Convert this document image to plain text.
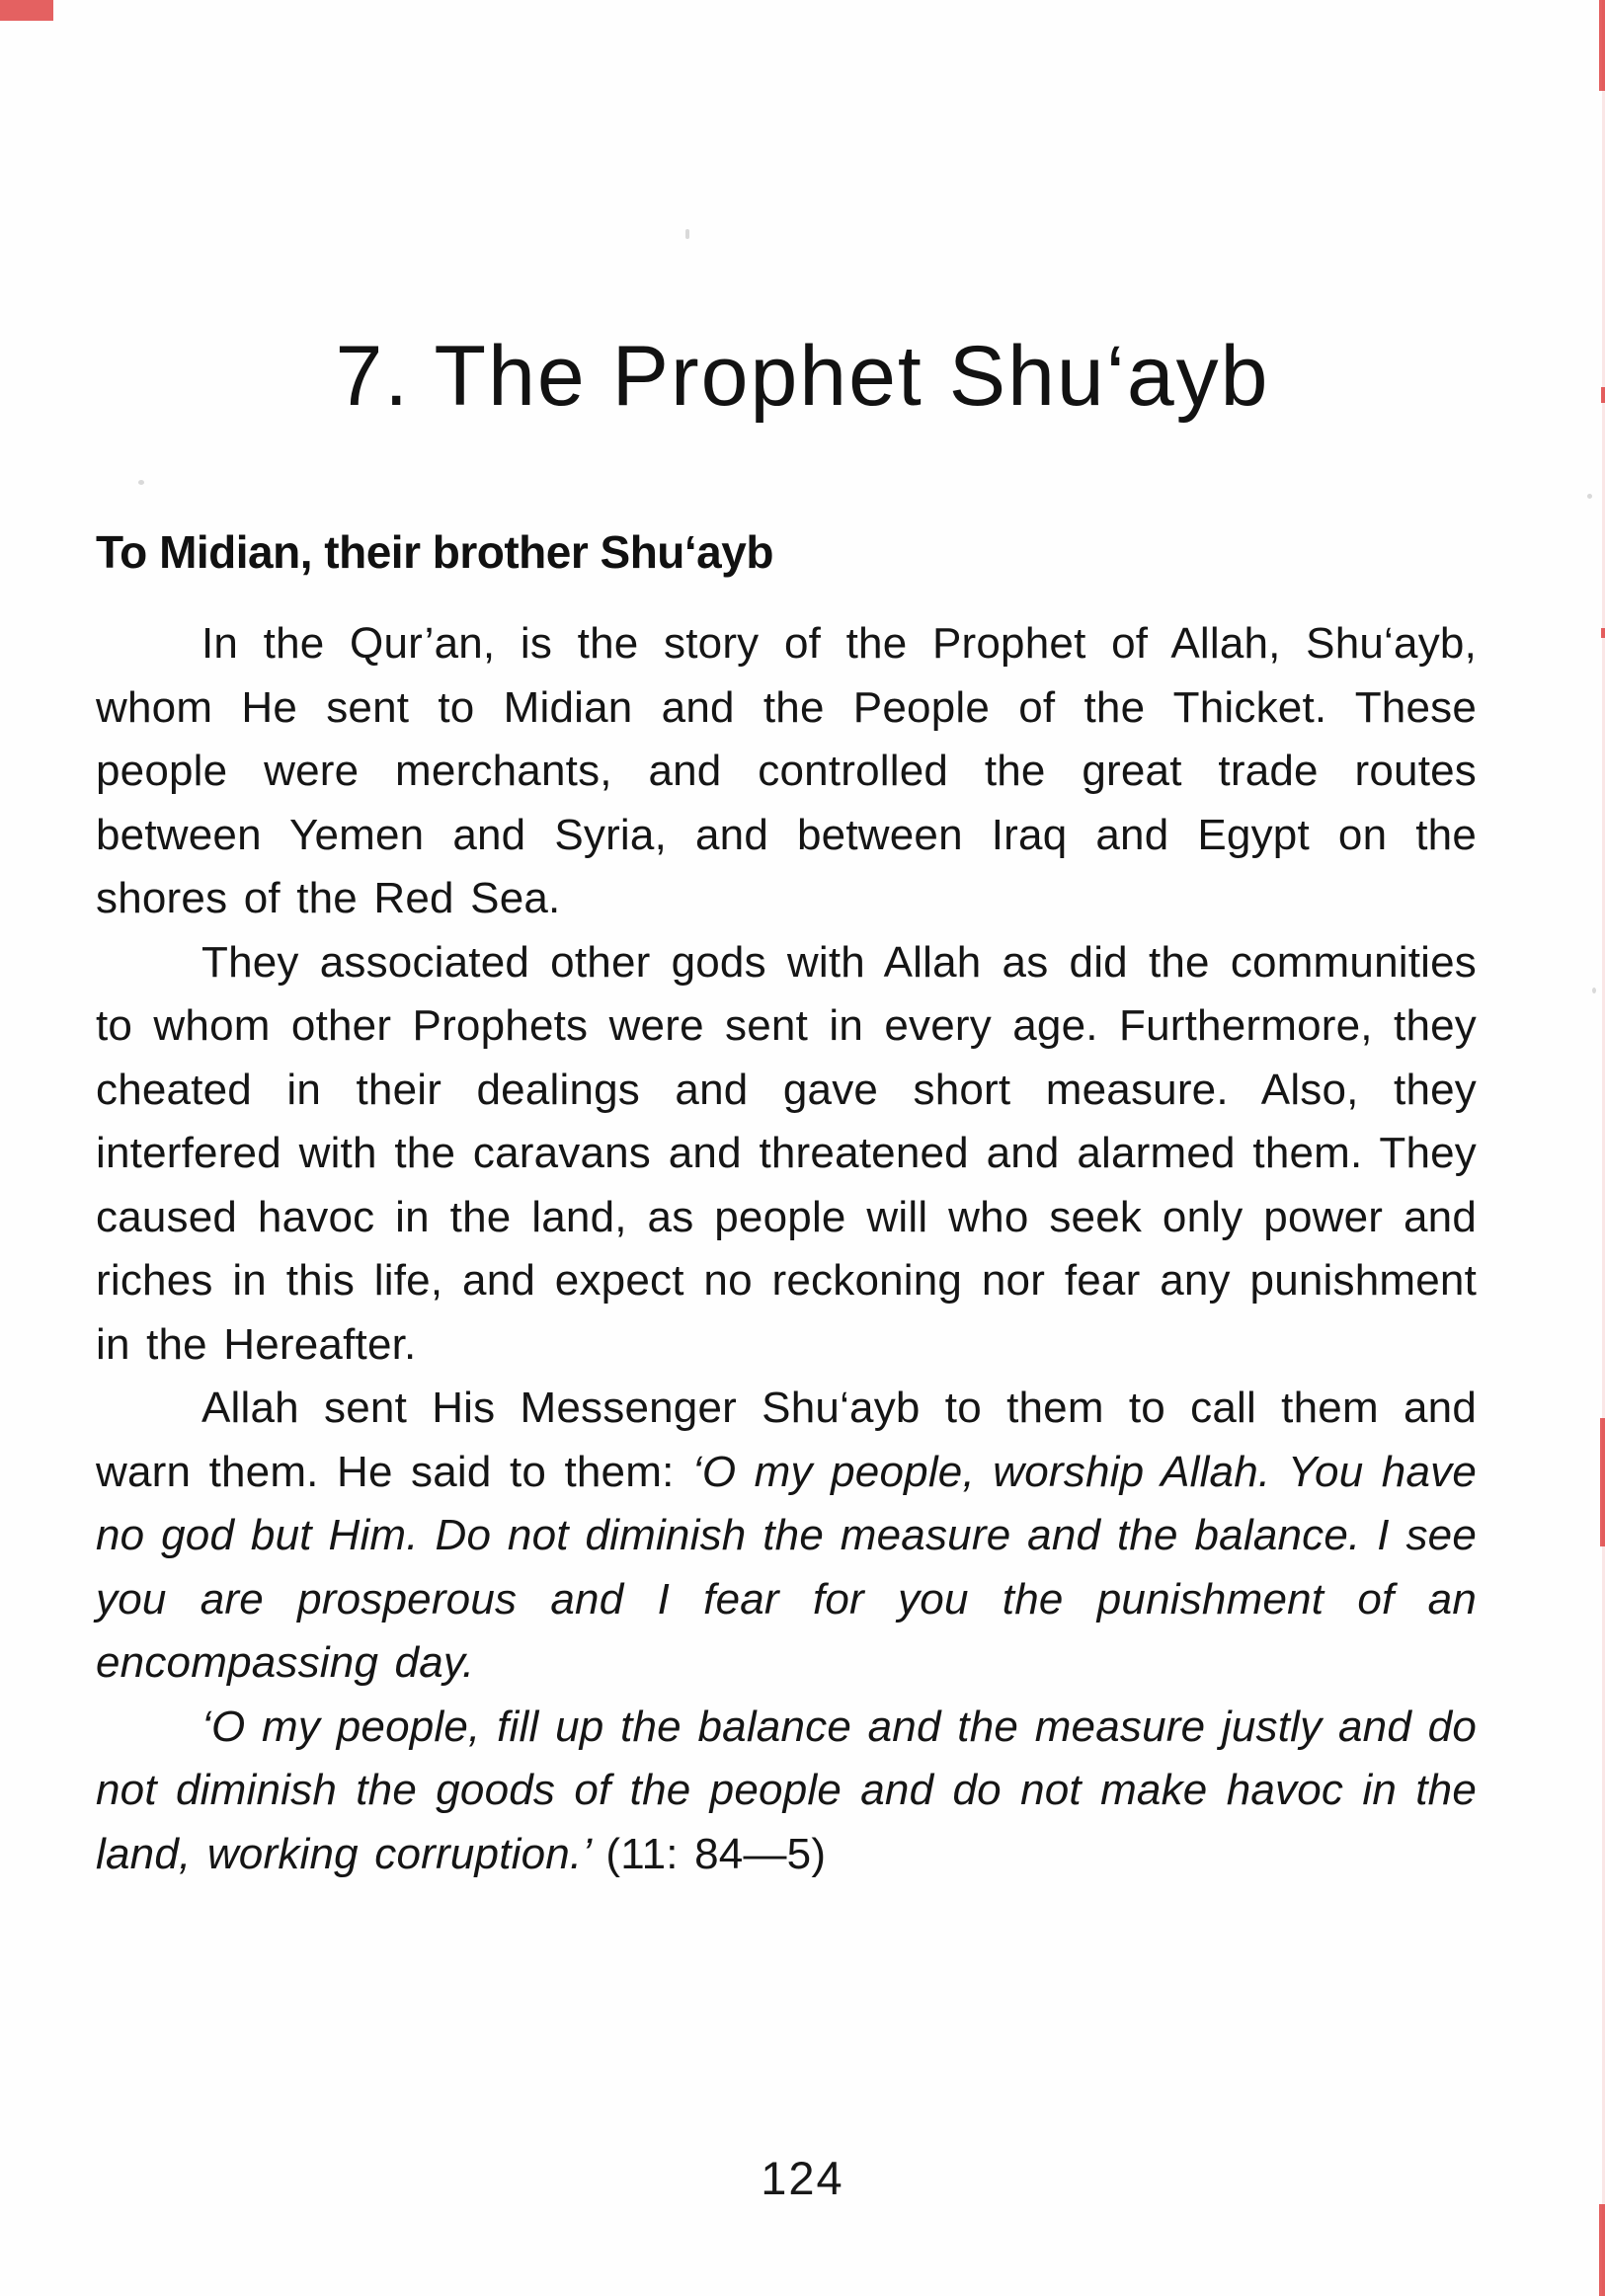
7. The Prophet Shu‘ayb
To Midian, their brother Shu‘ayb

In the Qur’an, is the story of the Prophet of Allah, Shu‘ayb, whom He sent to Midian and the People of the Thicket. These people were merchants, and controlled the great trade routes between Yemen and Syria, and between Iraq and Egypt on the shores of the Red Sea.

They associated other gods with Allah as did the communities to whom other Prophets were sent in every age. Furthermore, they cheated in their dealings and gave short measure. Also, they interfered with the caravans and threatened and alarmed them. They caused havoc in the land, as people will who seek only power and riches in this life, and expect no reckoning nor fear any punishment in the Hereafter.

Allah sent His Messenger Shu‘ayb to them to call them and warn them. He said to them: ‘O my people, worship Allah. You have no god but Him. Do not diminish the measure and the balance. I see you are prosperous and I fear for you the punishment of an encompassing day.

‘O my people, fill up the balance and the measure justly and do not diminish the goods of the people and do not make havoc in the land, working corruption.’ (11: 84—5)

124
